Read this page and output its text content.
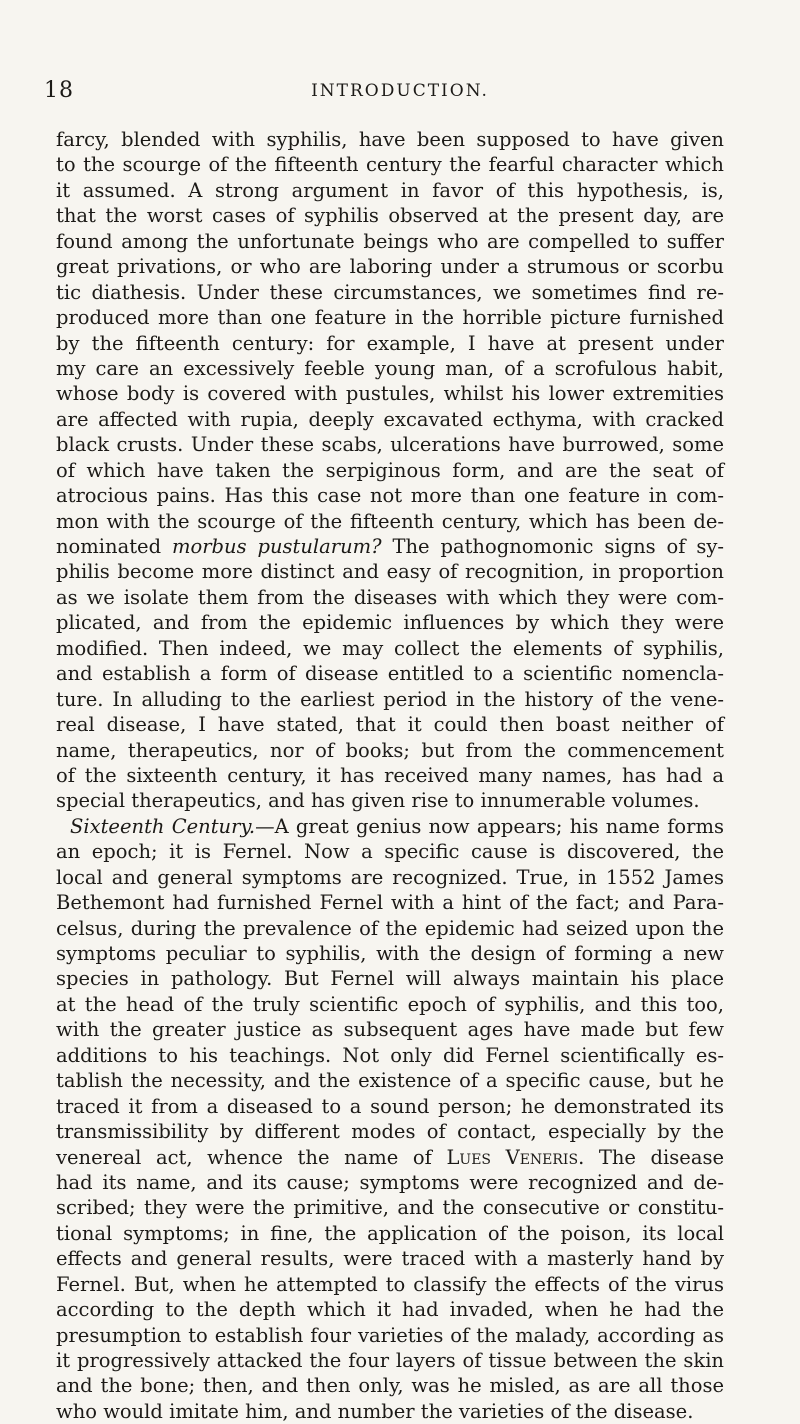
18	INTRODUCTION.
farcy, blended with syphilis, have been supposed to have given
to the scourge of the fifteenth century the fearful character which
it assumed. A strong argument in favor of this hypothesis, is,
that the worst cases of syphilis observed at the present day, are
found among the unfortunate beings who are compelled to suffer
great privations, or who are laboring under a strumous or scorbu
tic diathesis. Under these circumstances, we sometimes find re-
produced more than one feature in the horrible picture furnished
by the fifteenth century: for example, I have at present under
my care an excessively feeble young man, of a scrofulous habit,
whose body is covered with pustules, whilst his lower extremities
are affected with rupia, deeply excavated ecthyma, with cracked
black crusts. Under these scabs, ulcerations have burrowed, some
of which have taken the serpiginous form, and are the seat of
atrocious pains. Has this case not more than one feature in com-
mon with the scourge of the fifteenth century, which has been de-
nominated morbus pustularum? The pathognomonic signs of sy-
philis become more distinct and easy of recognition, in proportion
as we isolate them from the diseases with which they were com-
plicated, and from the epidemic influences by which they were
modified. Then indeed, we may collect the elements of syphilis,
and establish a form of disease entitled to a scientific nomencla-
ture. In alluding to the earliest period in the history of the vene-
real disease, I have stated, that it could then boast neither of
name, therapeutics, nor of books; but from the commencement
of the sixteenth century, it has received many names, has had a
special therapeutics, and has given rise to innumerable volumes.
Sixteenth Century.—A great genius now appears; his name forms
an epoch; it is Fernel. Now a specific cause is discovered, the
local and general symptoms are recognized. True, in 1552 James
Bethemont had furnished Fernel with a hint of the fact; and Para-
celsus, during the prevalence of the epidemic had seized upon the
symptoms peculiar to syphilis, with the design of forming a new
species in pathology. But Fernel will always maintain his place
at the head of the truly scientific epoch of syphilis, and this too,
with the greater justice as subsequent ages have made but few
additions to his teachings. Not only did Fernel scientifically es-
tablish the necessity, and the existence of a specific cause, but he
traced it from a diseased to a sound person; he demonstrated its
transmissibility by different modes of contact, especially by the
venereal act, whence the name of Lues Veneris. The disease
had its name, and its cause; symptoms were recognized and de-
scribed; they were the primitive, and the consecutive or constitu-
tional symptoms; in fine, the application of the poison, its local
effects and general results, were traced with a masterly hand by
Fernel. But, when he attempted to classify the effects of the virus
according to the depth which it had invaded, when he had the
presumption to establish four varieties of the malady, according as
it progressively attacked the four layers of tissue between the skin
and the bone; then, and then only, was he misled, as are all those
who would imitate him, and number the varieties of the disease.
